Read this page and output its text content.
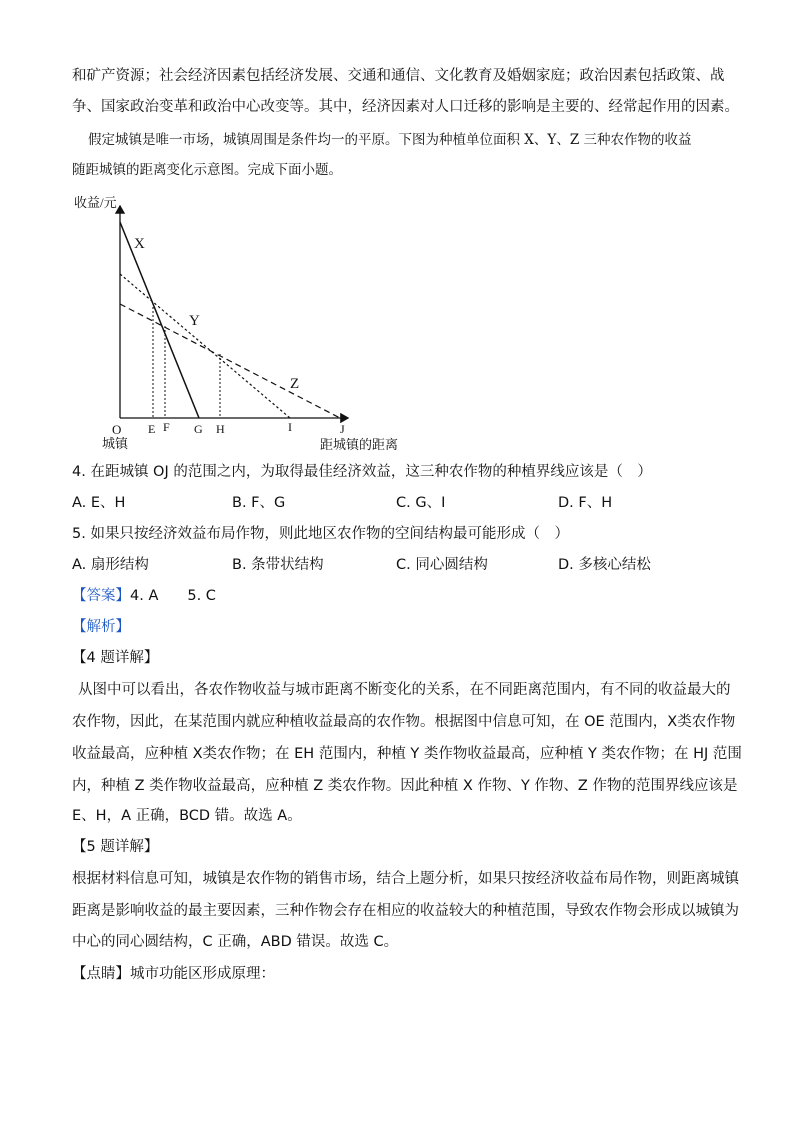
和矿产资源；社会经济因素包括经济发展、交通和通信、文化教育及婚姻家庭；政治因素包括政策、战
争、国家政治变革和政治中心改变等。其中，经济因素对人口迁移的影响是主要的、经常起作用的因素。
假定城镇是唯一市场，城镇周围是条件均一的平原。下图为种植单位面积 X、Y、Z 三种农作物的收益
随距城镇的距离变化示意图。完成下面小题。
收益/元
距城镇的距离
O
城镇
X
Y
Z
E F G H	I	J
4. 在距城镇 OJ 的范围之内，为取得最佳经济效益，这三种农作物的种植界线应该是（　）
A. E、H	B. F、G	C. G、I	D. F、H
5. 如果只按经济效益布局作物，则此地区农作物的空间结构最可能形成（　）
A. 扇形结构	B. 条带状结构	C. 同心圆结构	D. 多核心结松
【答案】4. A　　5. C
【解析】
【4 题详解】
从图中可以看出，各农作物收益与城市距离不断变化的关系，在不同距离范围内，有不同的收益最大的
农作物，因此，在某范围内就应种植收益最高的农作物。根据图中信息可知，在 OE 范围内，X类农作物
收益最高，应种植 X类农作物；在 EH 范围内，种植 Y 类作物收益最高，应种植 Y 类农作物；在 HJ 范围
内，种植 Z 类作物收益最高，应种植 Z 类农作物。因此种植 X 作物、Y 作物、Z 作物的范围界线应该是
E、H，A 正确，BCD 错。故选 A。
【5 题详解】
根据材料信息可知，城镇是农作物的销售市场，结合上题分析，如果只按经济收益布局作物，则距离城镇
距离是影响收益的最主要因素，三种作物会存在相应的收益较大的种植范围，导致农作物会形成以城镇为
中心的同心圆结构，C 正确，ABD 错误。故选 C。
【点睛】城市功能区形成原理：
